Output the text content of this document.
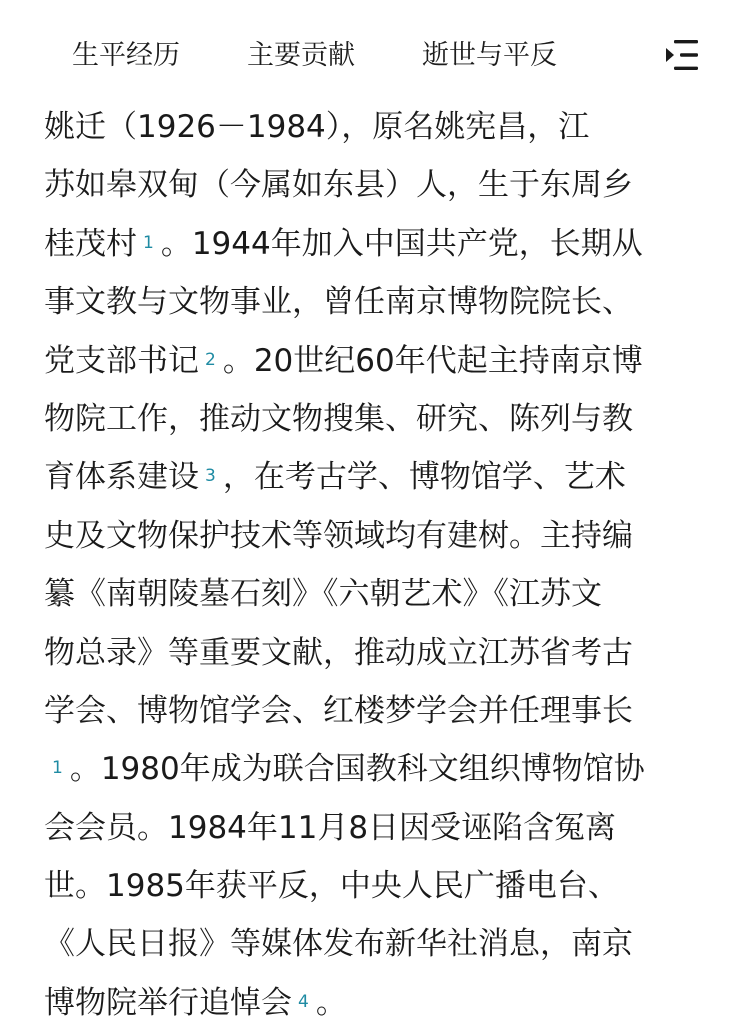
生平经历 主要贡献 逝世与平反
姚迁（1926－1984），原名姚宪昌，江
苏如皋双甸（今属如东县）人，生于东周乡
桂茂村 1 。1944年加入中国共产党，长期从
事文教与文物事业，曾任南京博物院院长、
党支部书记 2 。20世纪60年代起主持南京博
物院工作，推动文物搜集、研究、陈列与教
育体系建设 3 ，在考古学、博物馆学、艺术
史及文物保护技术等领域均有建树。主持编
纂《南朝陵墓石刻》《六朝艺术》《江苏文
物总录》等重要文献，推动成立江苏省考古
学会、博物馆学会、红楼梦学会并任理事长
1 。1980年成为联合国教科文组织博物馆协
会会员。1984年11月8日因受诬陷含冤离
世。1985年获平反，中央人民广播电台、
《人民日报》等媒体发布新华社消息，南京
博物院举行追悼会 4 。
